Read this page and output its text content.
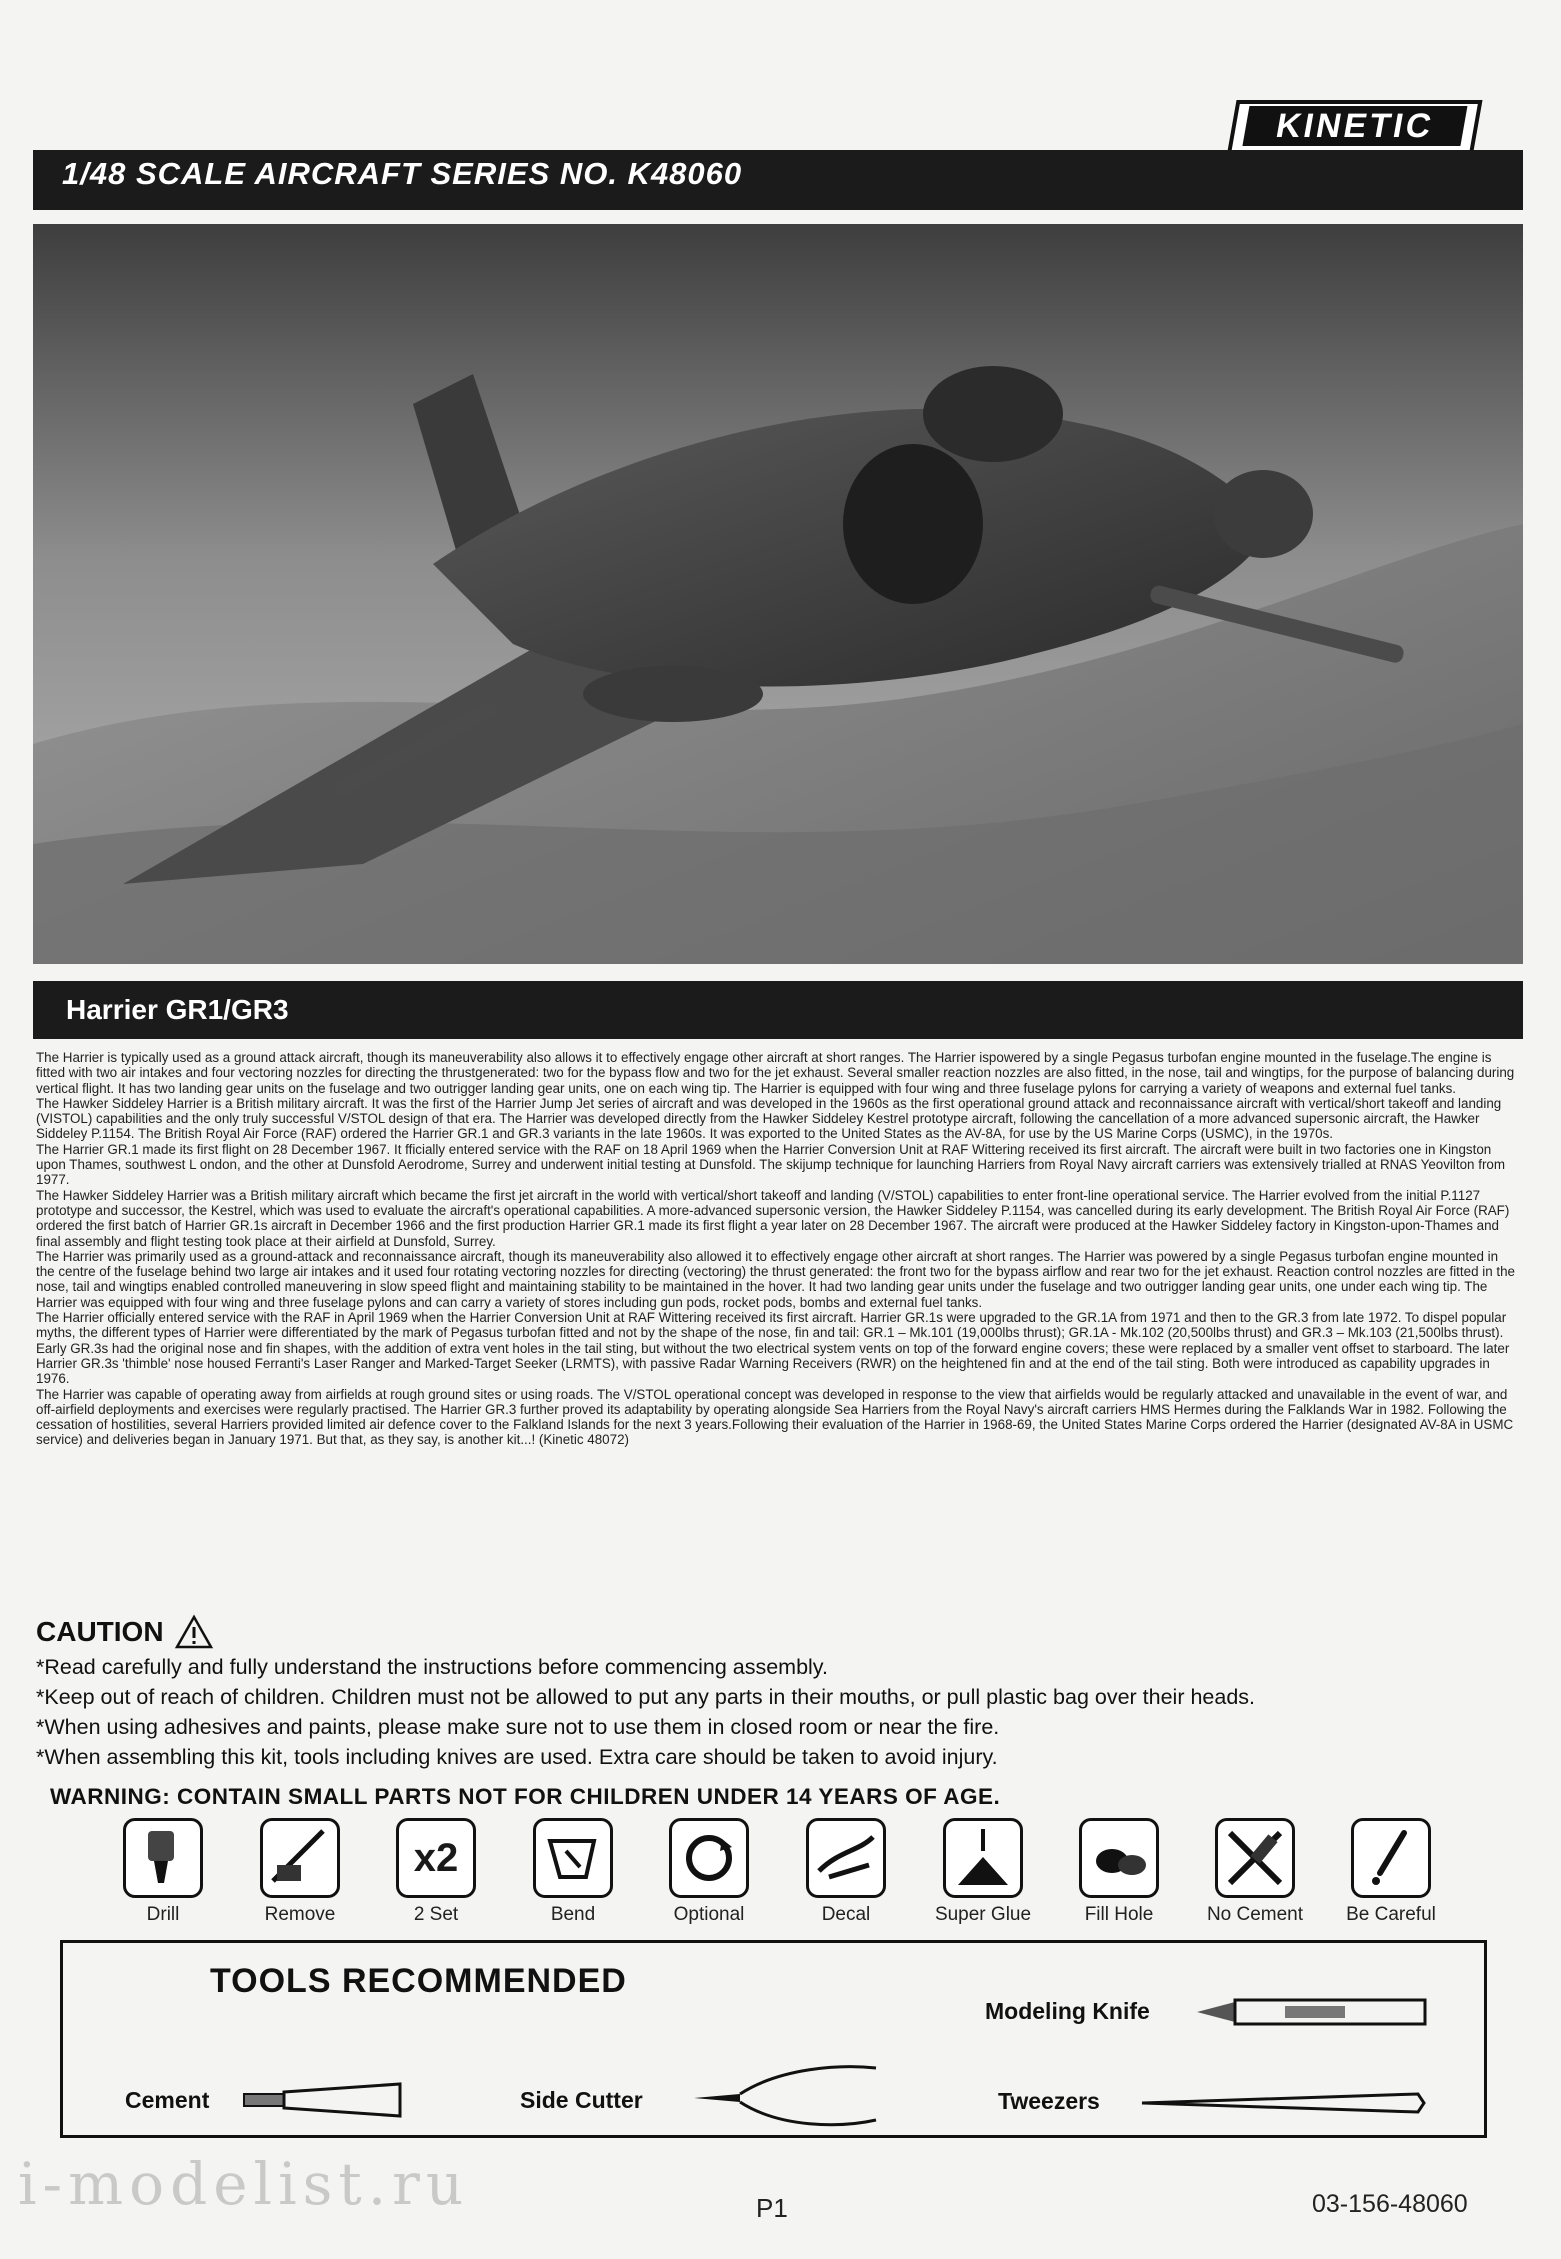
KINETIC
1/48 SCALE AIRCRAFT SERIES NO. K48060
Harrier GR1/GR3

The Harrier is typically used as a ground attack aircraft, though its maneuverability also allows it to effectively engage other aircraft at short ranges. The Harrier ispowered by a single Pegasus turbofan engine mounted in the fuselage.The engine is fitted with two air intakes and four vectoring nozzles for directing the thrustgenerated: two for the bypass flow and two for the jet exhaust. Several smaller reaction nozzles are also fitted, in the nose, tail and wingtips, for the purpose of balancing during vertical flight. It has two landing gear units on the fuselage and two outrigger landing gear units, one on each wing tip. The Harrier is equipped with four wing and three fuselage pylons for carrying a variety of weapons and external fuel tanks.

The Hawker Siddeley Harrier is a British military aircraft. It was the first of the Harrier Jump Jet series of aircraft and was developed in the 1960s as the first operational ground attack and reconnaissance aircraft with vertical/short takeoff and landing (VISTOL) capabilities and the only truly successful V/STOL design of that era. The Harrier was developed directly from the Hawker Siddeley Kestrel prototype aircraft, following the cancellation of a more advanced supersonic aircraft, the Hawker Siddeley P.1154. The British Royal Air Force (RAF) ordered the Harrier GR.1 and GR.3 variants in the late 1960s. It was exported to the United States as the AV-8A, for use by the US Marine Corps (USMC), in the 1970s.

The Harrier GR.1 made its first flight on 28 December 1967. It fficially entered service with the RAF on 18 April 1969 when the Harrier Conversion Unit at RAF Wittering received its first aircraft. The aircraft were built in two factories one in Kingston upon Thames, southwest L ondon, and the other at Dunsfold Aerodrome, Surrey and underwent initial testing at Dunsfold. The skijump technique for launching Harriers from Royal Navy aircraft carriers was extensively trialled at RNAS Yeovilton from 1977.

The Hawker Siddeley Harrier was a British military aircraft which became the first jet aircraft in the world with vertical/short takeoff and landing (V/STOL) capabilities to enter front-line operational service. The Harrier evolved from the initial P.1127 prototype and successor, the Kestrel, which was used to evaluate the aircraft's operational capabilities. A more-advanced supersonic version, the Hawker Siddeley P.1154, was cancelled during its early development. The British Royal Air Force (RAF) ordered the first batch of Harrier GR.1s aircraft in December 1966 and the first production Harrier GR.1 made its first flight a year later on 28 December 1967. The aircraft were produced at the Hawker Siddeley factory in Kingston-upon-Thames and final assembly and flight testing took place at their airfield at Dunsfold, Surrey.

The Harrier was primarily used as a ground-attack and reconnaissance aircraft, though its maneuverability also allowed it to effectively engage other aircraft at short ranges. The Harrier was powered by a single Pegasus turbofan engine mounted in the centre of the fuselage behind two large air intakes and it used four rotating vectoring nozzles for directing (vectoring) the thrust generated: the front two for the bypass airflow and rear two for the jet exhaust. Reaction control nozzles are fitted in the nose, tail and wingtips enabled controlled maneuvering in slow speed flight and maintaining stability to be maintained in the hover. It had two landing gear units under the fuselage and two outrigger landing gear units, one under each wing tip. The Harrier was equipped with four wing and three fuselage pylons and can carry a variety of stores including gun pods, rocket pods, bombs and external fuel tanks.

The Harrier officially entered service with the RAF in April 1969 when the Harrier Conversion Unit at RAF Wittering received its first aircraft. Harrier GR.1s were upgraded to the GR.1A from 1971 and then to the GR.3 from late 1972. To dispel popular myths, the different types of Harrier were differentiated by the mark of Pegasus turbofan fitted and not by the shape of the nose, fin and tail: GR.1 – Mk.101 (19,000lbs thrust); GR.1A - Mk.102 (20,500lbs thrust) and GR.3 – Mk.103 (21,500lbs thrust). Early GR.3s had the original nose and fin shapes, with the addition of extra vent holes in the tail sting, but without the two electrical system vents on top of the forward engine covers; these were replaced by a smaller vent offset to starboard. The later Harrier GR.3s 'thimble' nose housed Ferranti's Laser Ranger and Marked-Target Seeker (LRMTS), with passive Radar Warning Receivers (RWR) on the heightened fin and at the end of the tail sting. Both were introduced as capability upgrades in 1976.

The Harrier was capable of operating away from airfields at rough ground sites or using roads. The V/STOL operational concept was developed in response to the view that airfields would be regularly attacked and unavailable in the event of war, and off-airfield deployments and exercises were regularly practised. The Harrier GR.3 further proved its adaptability by operating alongside Sea Harriers from the Royal Navy's aircraft carriers HMS Hermes during the Falklands War in 1982. Following the cessation of hostilities, several Harriers provided limited air defence cover to the Falkland Islands for the next 3 years.Following their evaluation of the Harrier in 1968-69, the United States Marine Corps ordered the Harrier (designated AV-8A in USMC service) and deliveries began in January 1971. But that, as they say, is another kit...! (Kinetic 48072)

CAUTION
*Read carefully and fully understand the instructions before commencing assembly.
*Keep out of reach of children. Children must not be allowed to put any parts in their mouths, or pull plastic bag over their heads.
*When using adhesives and paints, please make sure not to use them in closed room or near the fire.
*When assembling this kit, tools including knives are used. Extra care should be taken to avoid injury.
WARNING: CONTAIN SMALL PARTS NOT FOR CHILDREN UNDER 14 YEARS OF AGE.
Drill	Remove
x2
2 Set	Bend	Optional	Decal	Super Glue	Fill Hole	No Cement	Be Careful
TOOLS RECOMMENDED
Modeling Knife
Cement	Side Cutter	Tweezers
i-modelist.ru	P1	03-156-48060
